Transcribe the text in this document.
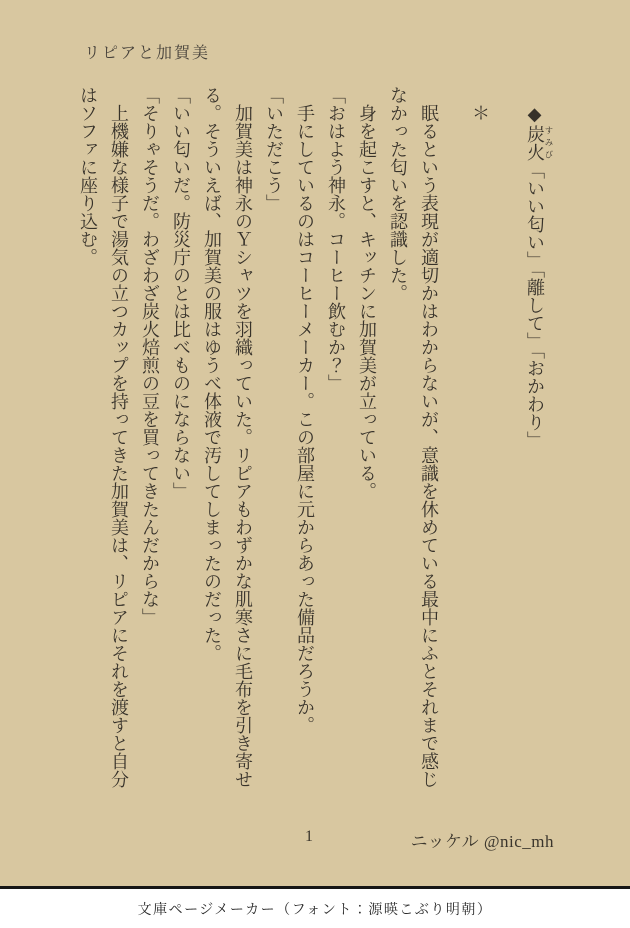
リピアと加賀美

　◆炭火 すみび「いい匂い」「離して」「おかわり」

　＊

　眠るという表現が適切かはわからないが、意識を休めている最中にふとそれまで感じ

なかった匂いを認識した。

　身を起こすと、キッチンに加賀美が立っている。

「おはよう神永。コーヒー飲むか？」

　手にしているのはコーヒーメーカー。この部屋に元からあった備品だろうか。

「いただこう」

　加賀美は神永のＹシャツを羽織っていた。リピアもわずかな肌寒さに毛布を引き寄せ

る。そういえば、加賀美の服はゆうべ体液で汚してしまったのだった。

「いい匂いだ。防災庁のとは比べものにならない」

「そりゃそうだ。わざわざ炭火焙煎の豆を買ってきたんだからな」

　上機嫌な様子で湯気の立つカップを持ってきた加賀美は、リピアにそれを渡すと自分

はソファに座り込む。

1	ニッケル @nic_mh
文庫ページメーカー（フォント：源暎こぶり明朝）
